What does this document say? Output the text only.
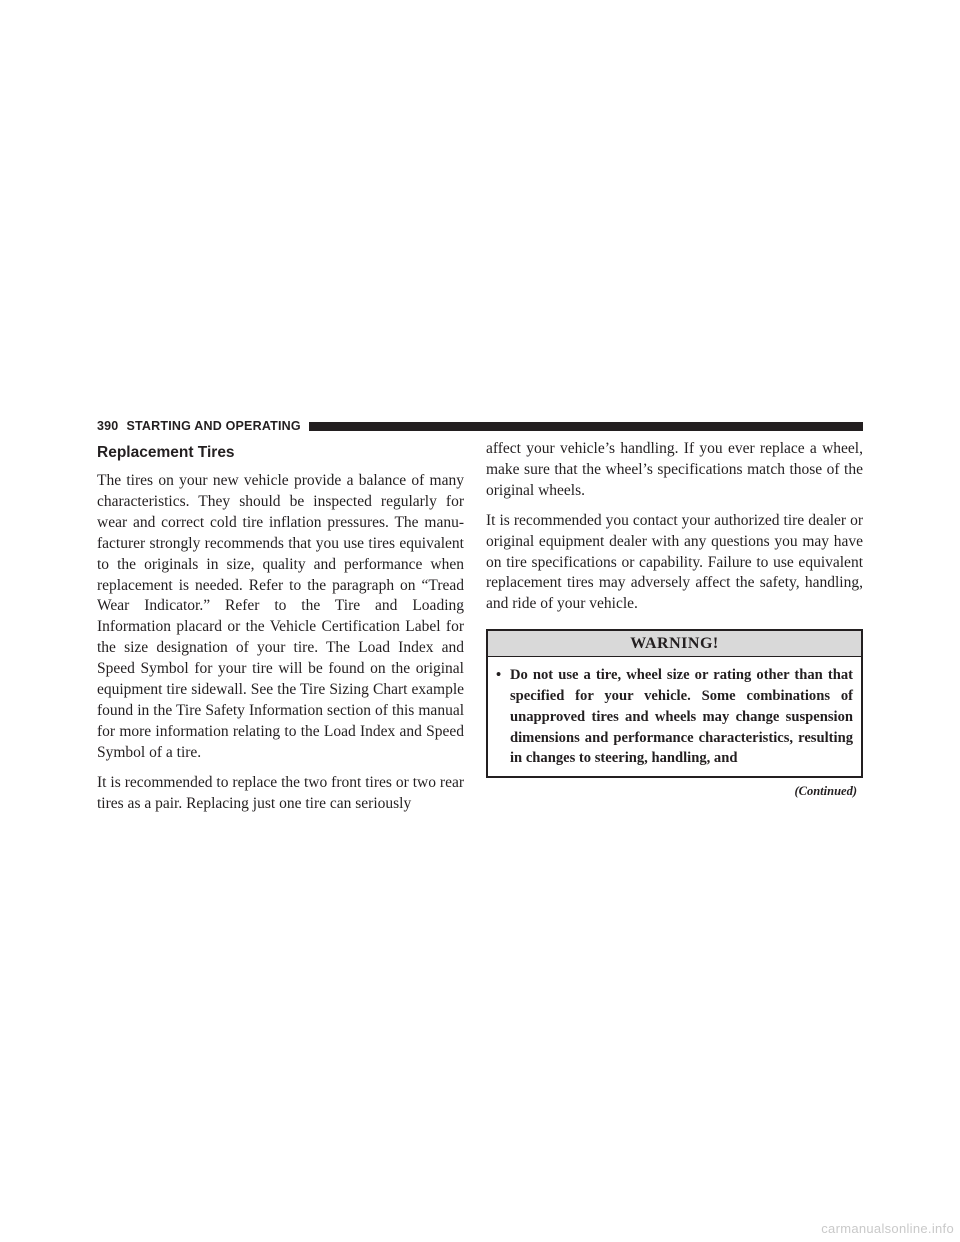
390 STARTING AND OPERATING
Replacement Tires

The tires on your new vehicle provide a balance of many characteristics. They should be inspected regularly for wear and correct cold tire inflation pressures. The manufacturer strongly recommends that you use tires equivalent to the originals in size, quality and performance when replacement is needed. Refer to the paragraph on “Tread Wear Indicator.” Refer to the Tire and Loading Information placard or the Vehicle Certification Label for the size designation of your tire. The Load Index and Speed Symbol for your tire will be found on the original equipment tire sidewall. See the Tire Sizing Chart example found in the Tire Safety Information section of this manual for more information relating to the Load Index and Speed Symbol of a tire.

It is recommended to replace the two front tires or two rear tires as a pair. Replacing just one tire can seriously

affect your vehicle’s handling. If you ever replace a wheel, make sure that the wheel’s specifications match those of the original wheels.

It is recommended you contact your authorized tire dealer or original equipment dealer with any questions you may have on tire specifications or capability. Failure to use equivalent replacement tires may adversely affect the safety, handling, and ride of your vehicle.

WARNING!
• Do not use a tire, wheel size or rating other than that specified for your vehicle. Some combinations of unapproved tires and wheels may change suspension dimensions and performance characteristics, resulting in changes to steering, handling, and
(Continued)
carmanualsonline.info
